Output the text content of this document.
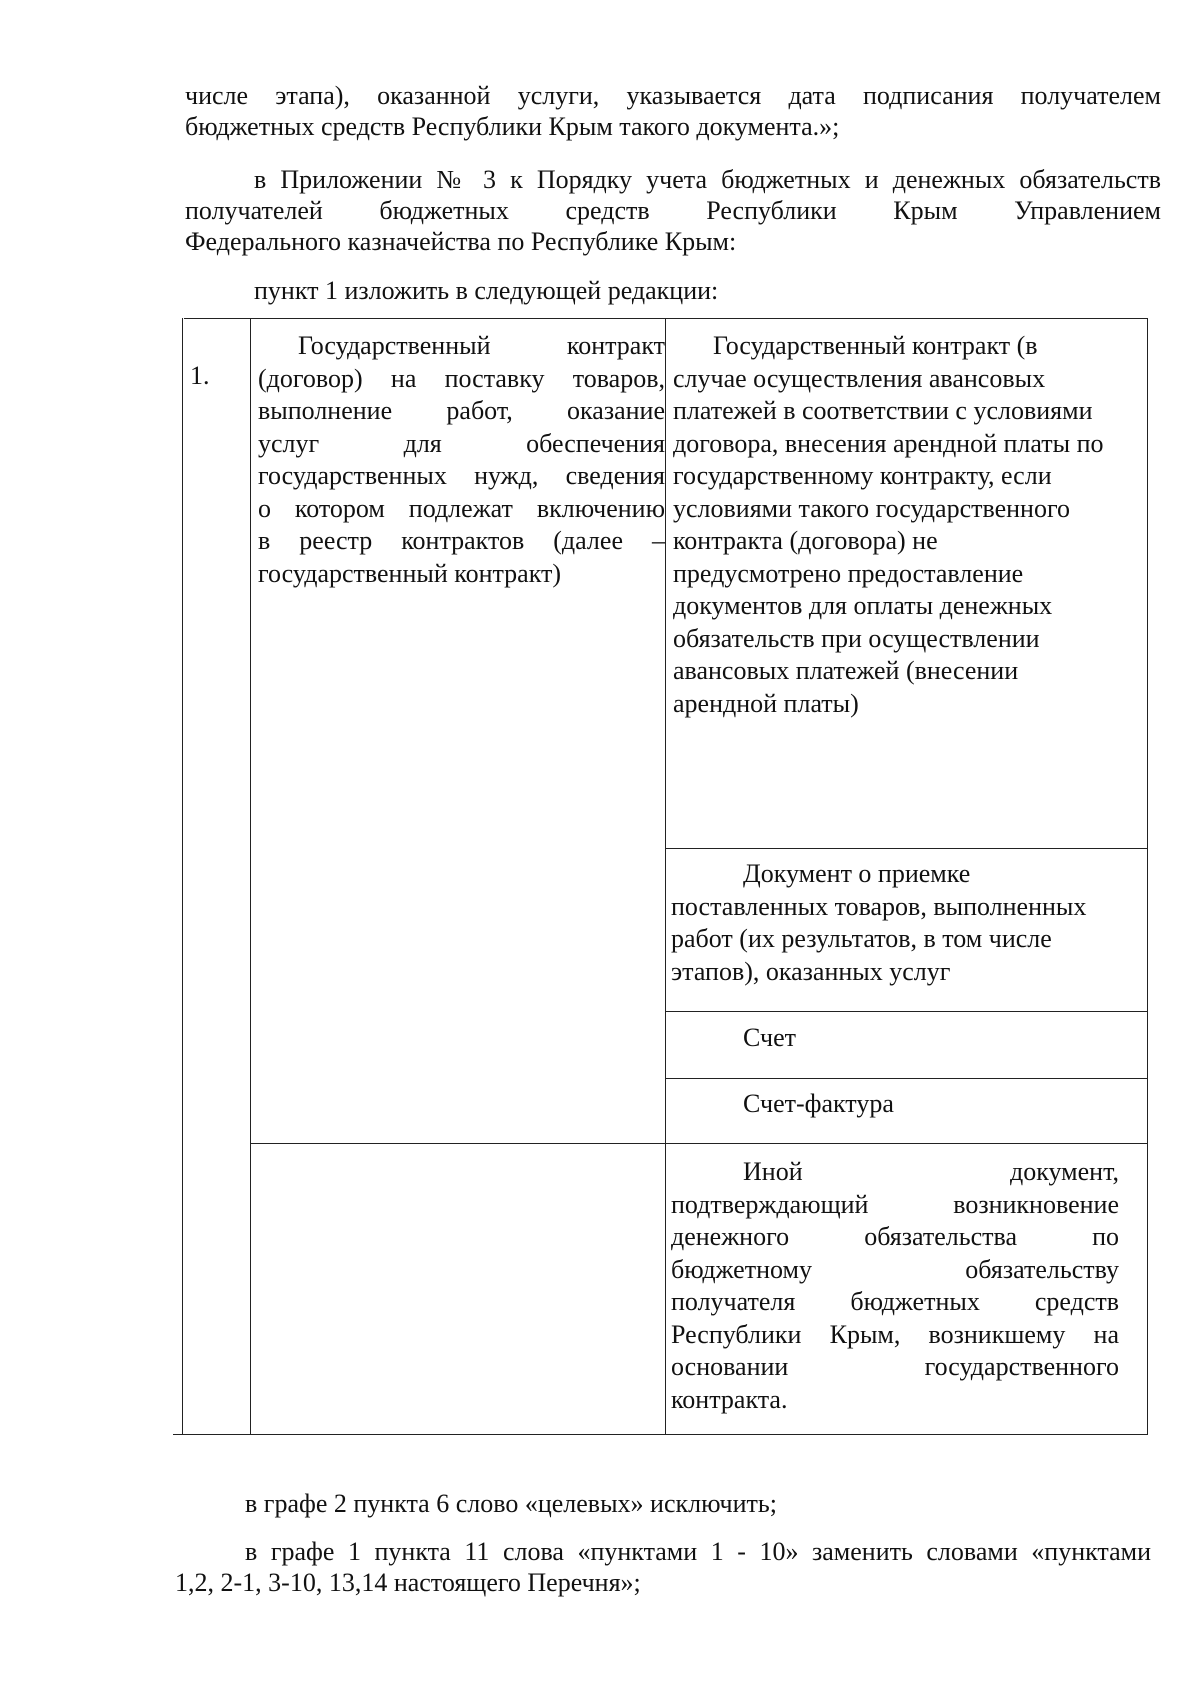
числе этапа), оказанной услуги, указывается дата подписания получателем
бюджетных средств Республики Крым такого документа.»;
в Приложении № 3 к Порядку учета бюджетных и денежных обязательств
получателей бюджетных средств Республики Крым Управлением
Федерального казначейства по Республике Крым:
пункт 1 изложить в следующей редакции:
1.
Государственный контракт
(договор) на поставку товаров,
выполнение работ, оказание
услуг для обеспечения
государственных нужд, сведения
о котором подлежат включению
в реестр контрактов (далее –
государственный контракт)
Государственный контракт (в
случае осуществления авансовых
платежей в соответствии с условиями
договора, внесения арендной платы по
государственному контракту, если
условиями такого государственного
контракта (договора) не
предусмотрено предоставление
документов для оплаты денежных
обязательств при осуществлении
авансовых платежей (внесении
арендной платы)
Документ о приемке
поставленных товаров, выполненных
работ (их результатов, в том числе
этапов), оказанных услуг
Счет
Счет-фактура
Иной документ,
подтверждающий возникновение
денежного обязательства по
бюджетному обязательству
получателя бюджетных средств
Республики Крым, возникшему на
основании государственного
контракта.
в графе 2 пункта 6 слово «целевых» исключить;
в графе 1 пункта 11 слова «пунктами 1 - 10» заменить словами «пунктами
1,2, 2-1, 3-10, 13,14 настоящего Перечня»;
